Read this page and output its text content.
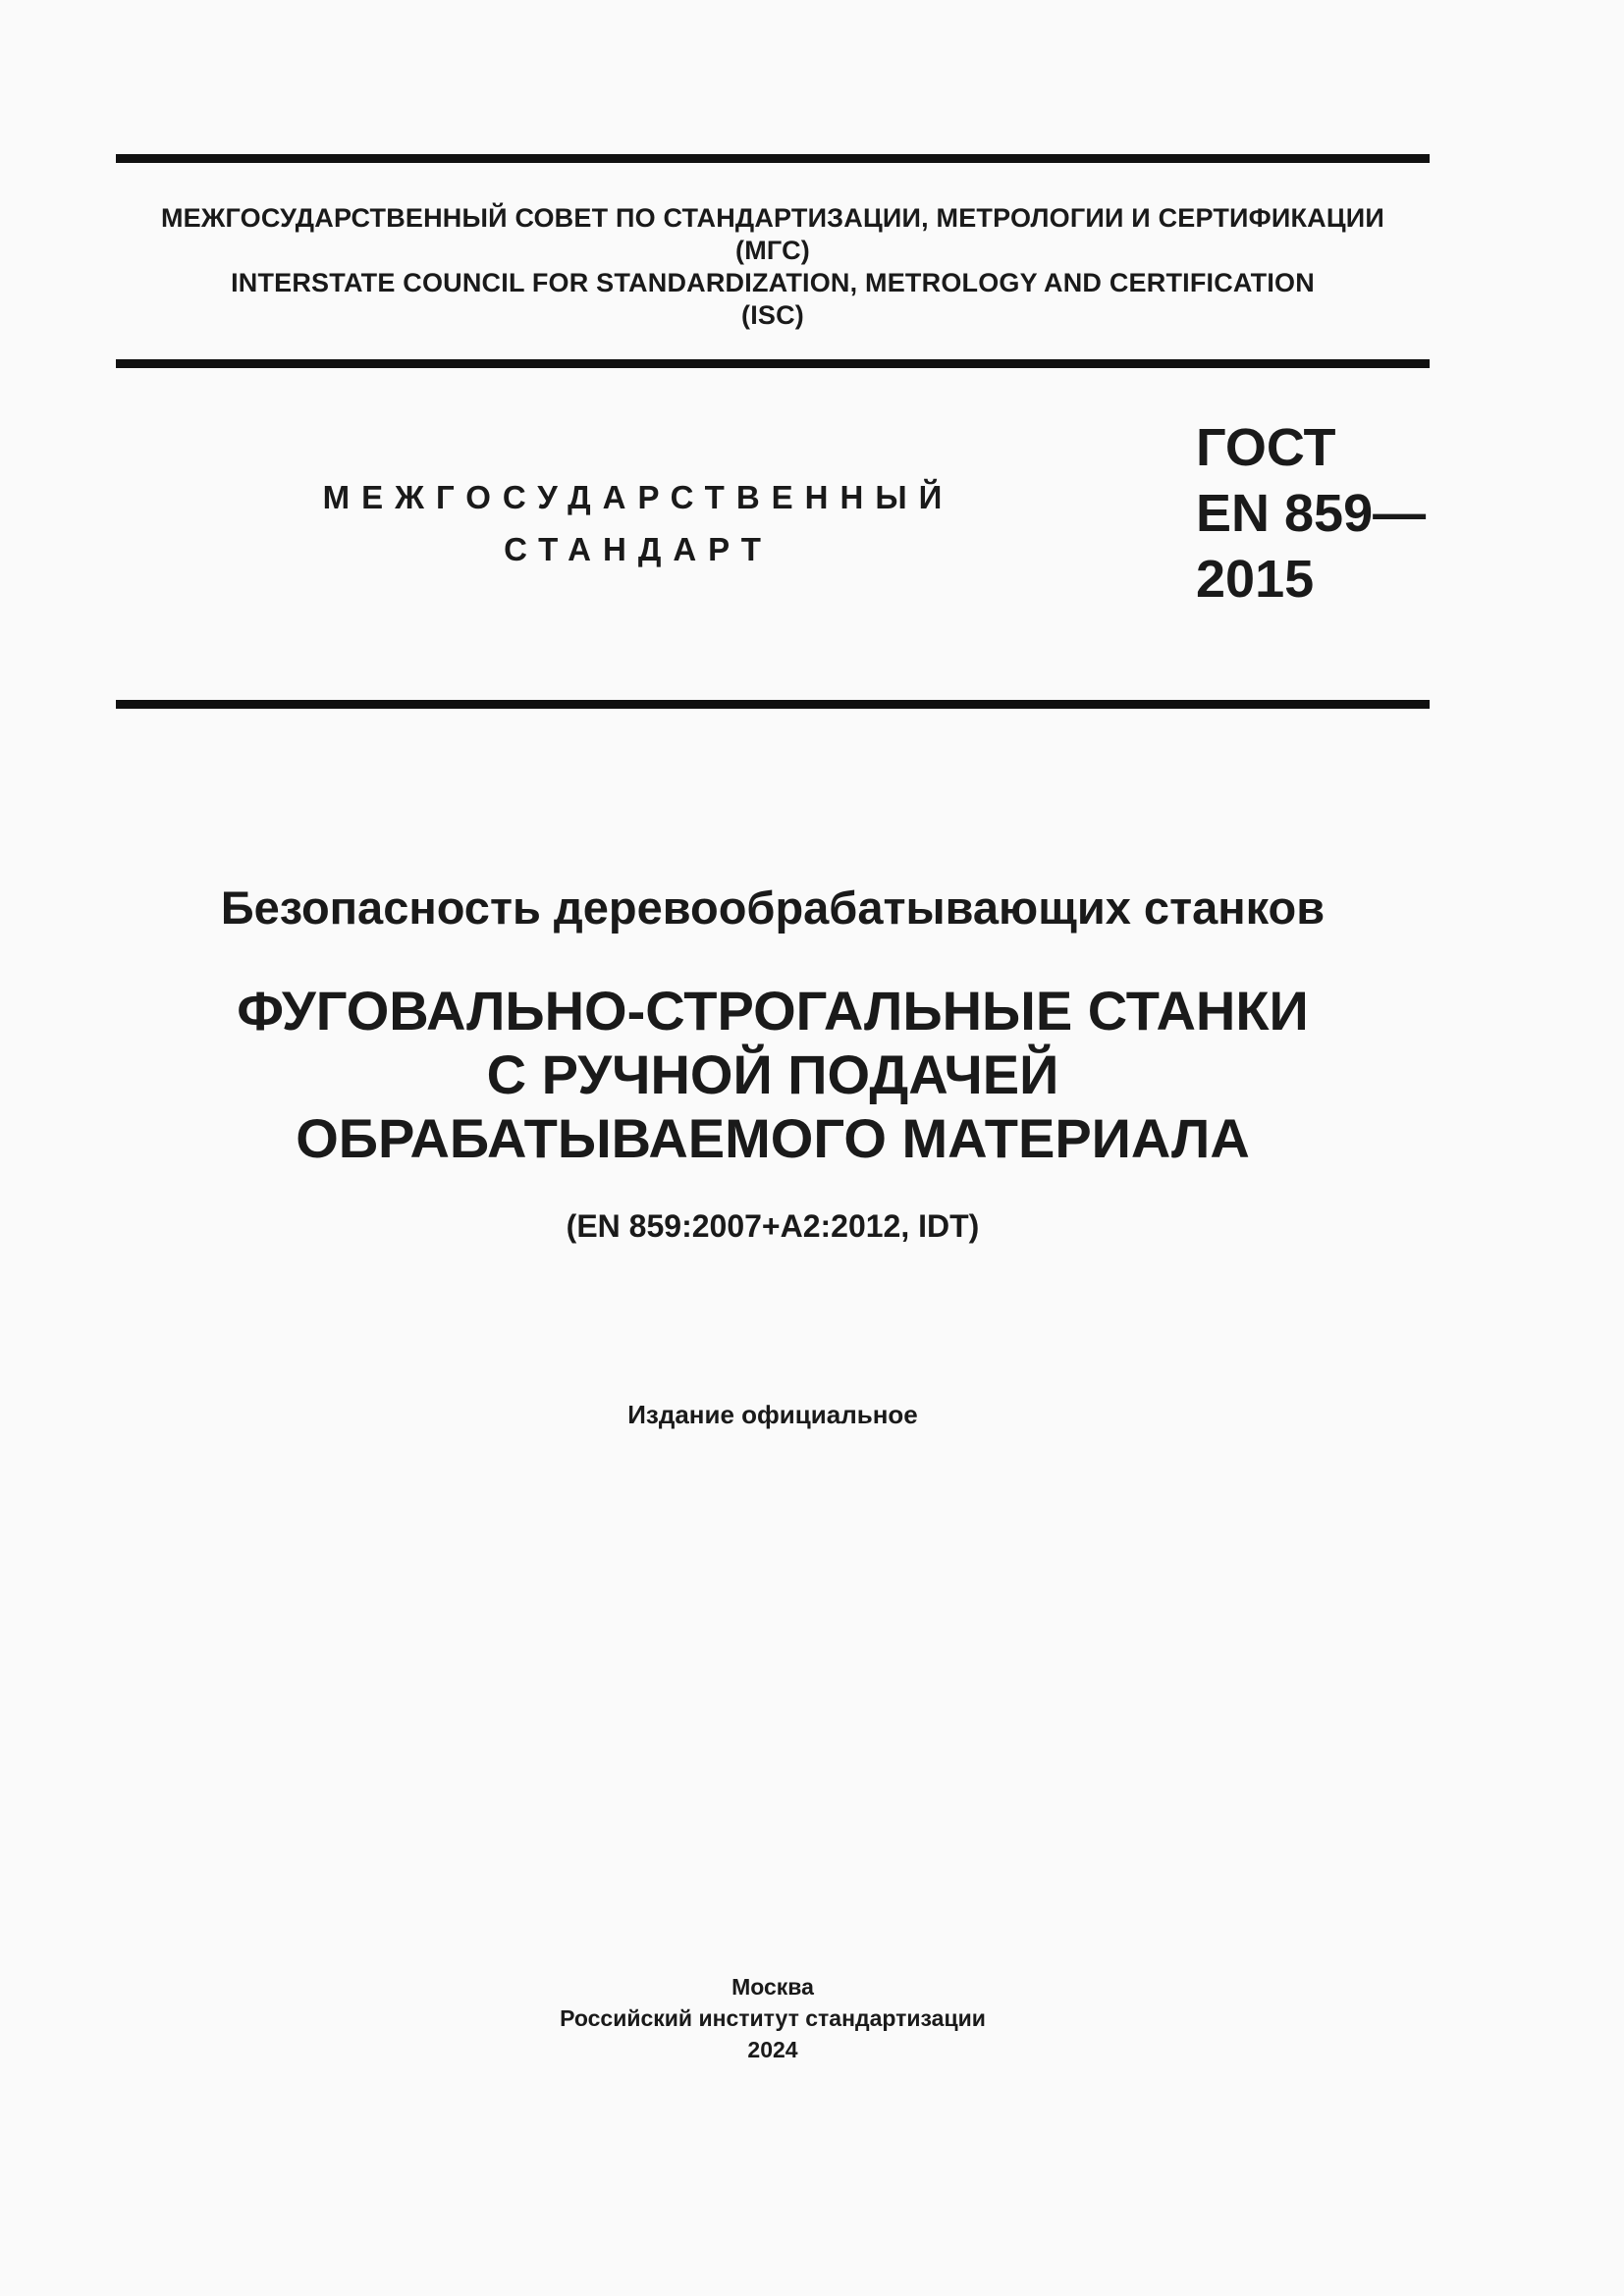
МЕЖГОСУДАРСТВЕННЫЙ СОВЕТ ПО СТАНДАРТИЗАЦИИ, МЕТРОЛОГИИ И СЕРТИФИКАЦИИ
(МГС)
INTERSTATE COUNCIL FOR STANDARDIZATION, METROLOGY AND CERTIFICATION
(ISC)
МЕЖГОСУДАРСТВЕННЫЙ
СТАНДАРТ
ГОСТ
EN 859—
2015
Безопасность деревообрабатывающих станков
ФУГОВАЛЬНО-СТРОГАЛЬНЫЕ СТАНКИ
С РУЧНОЙ ПОДАЧЕЙ
ОБРАБАТЫВАЕМОГО МАТЕРИАЛА
(EN 859:2007+A2:2012, IDT)
Издание официальное
Москва
Российский институт стандартизации
2024
